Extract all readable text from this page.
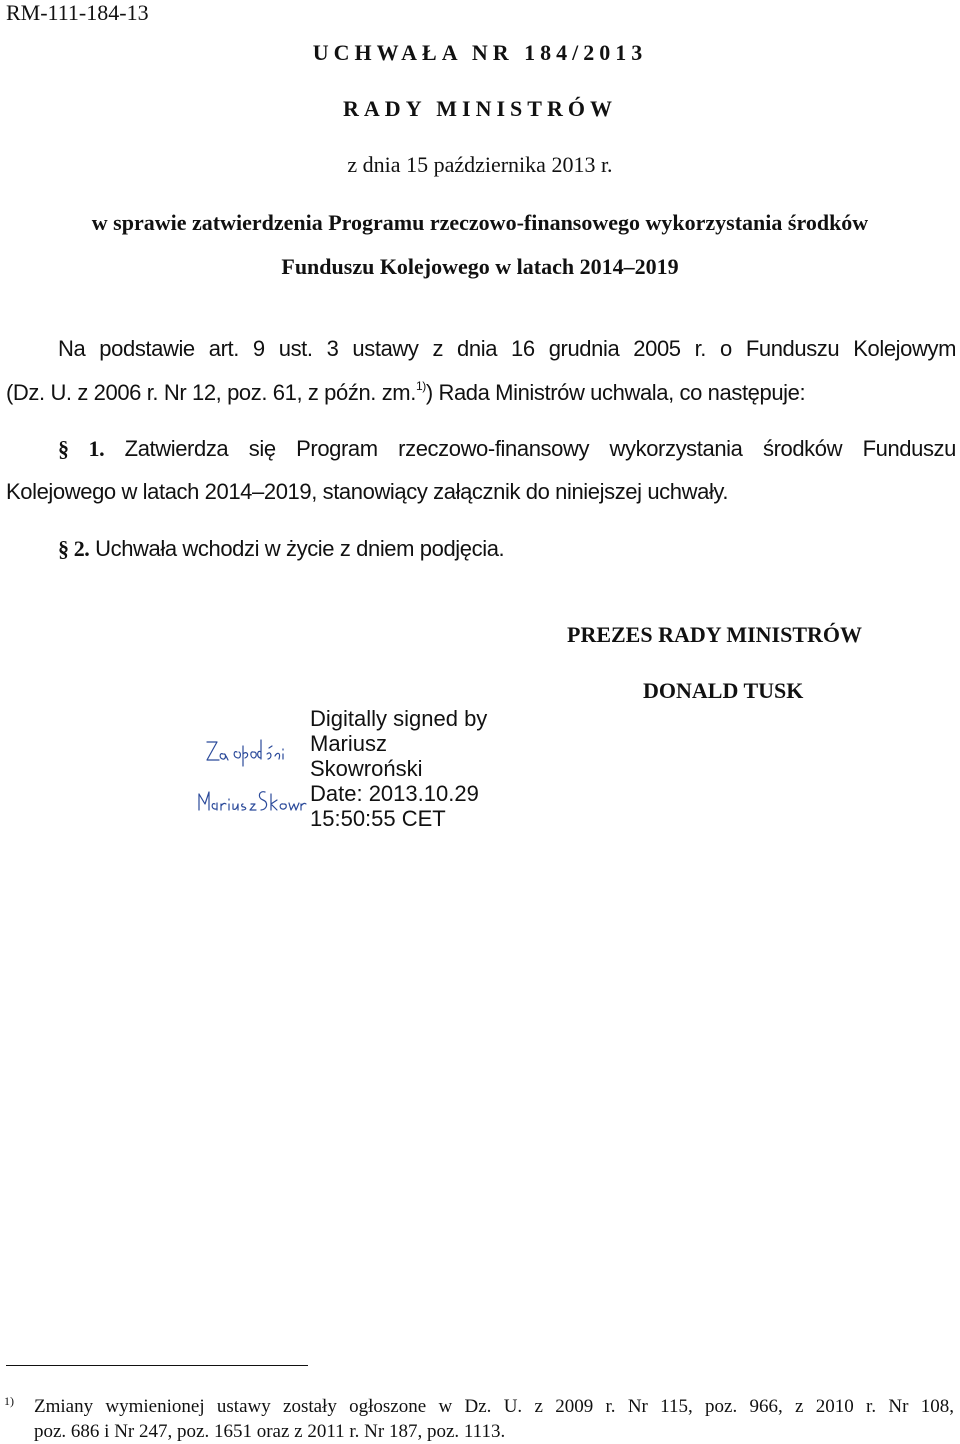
RM-111-184-13
UCHWAŁA NR 184/2013
RADY MINISTRÓW
z dnia 15 października 2013 r.
w sprawie zatwierdzenia Programu rzeczowo-finansowego wykorzystania środków
Funduszu Kolejowego w latach 2014–2019
Na podstawie art. 9 ust. 3 ustawy z dnia 16 grudnia 2005 r. o Funduszu Kolejowym
(Dz. U. z 2006 r. Nr 12, poz. 61, z późn. zm.$^{1)}$) Rada Ministrów uchwala, co następuje:
§ 1. Zatwierdza się Program rzeczowo-finansowy wykorzystania środków Funduszu
Kolejowego w latach 2014–2019, stanowiący załącznik do niniejszej uchwały.
§ 2. Uchwała wchodzi w życie z dniem podjęcia.
PREZES RADY MINISTRÓW
DONALD TUSK
Digitally signed by
Mariusz
Skowroński
Date: 2013.10.29
15:50:55 CET
1) Zmiany wymienionej ustawy zostały ogłoszone w Dz. U. z 2009 r. Nr 115, poz. 966, z 2010 r. Nr 108,
poz. 686 i Nr 247, poz. 1651 oraz z 2011 r. Nr 187, poz. 1113.
